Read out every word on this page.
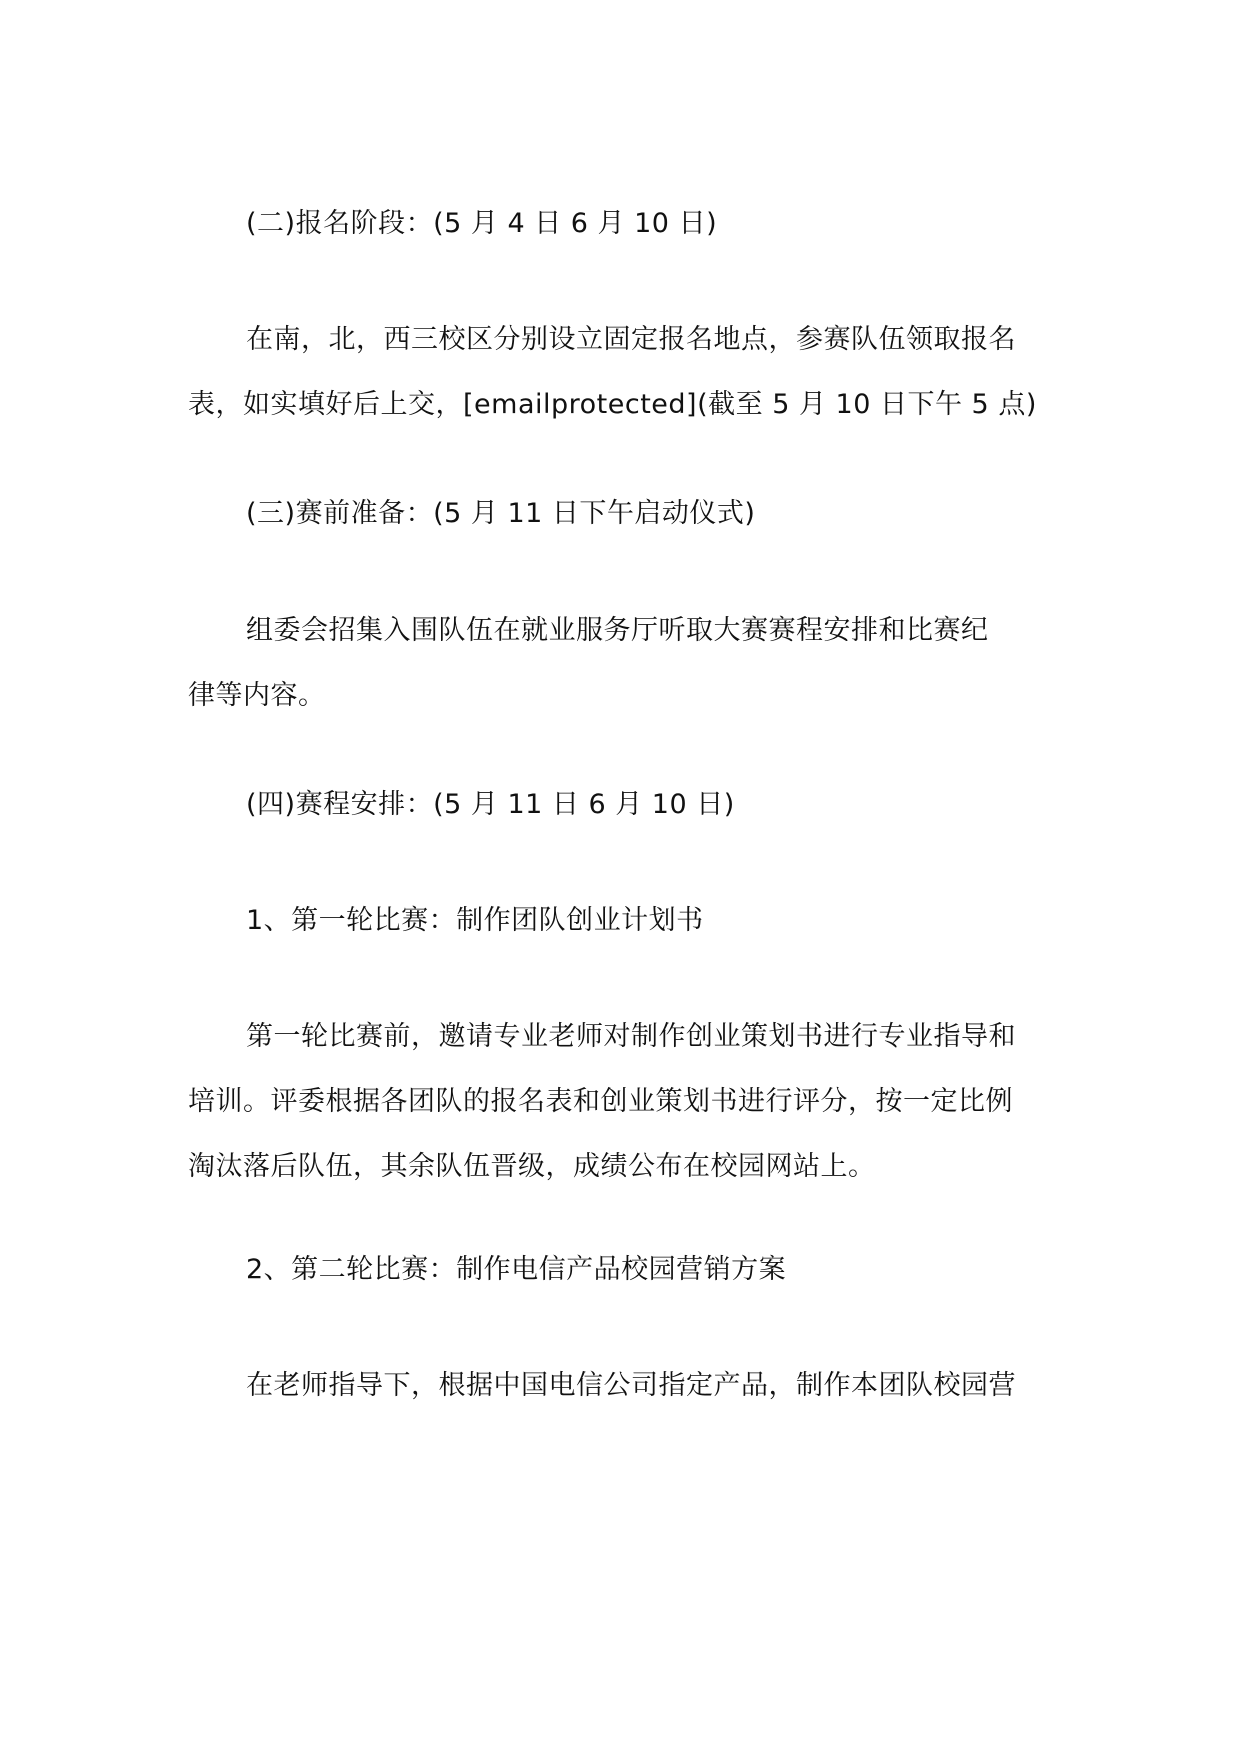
(二)报名阶段：(5 月 4 日 6 月 10 日)
在南，北，西三校区分别设立固定报名地点，参赛队伍领取报名
表，如实填好后上交，[emailprotected](截至 5 月 10 日下午 5 点)
(三)赛前准备：(5 月 11 日下午启动仪式)
组委会招集入围队伍在就业服务厅听取大赛赛程安排和比赛纪
律等内容。
(四)赛程安排：(5 月 11 日 6 月 10 日)
1、第一轮比赛：制作团队创业计划书
第一轮比赛前，邀请专业老师对制作创业策划书进行专业指导和
培训。评委根据各团队的报名表和创业策划书进行评分，按一定比例
淘汰落后队伍，其余队伍晋级，成绩公布在校园网站上。
2、第二轮比赛：制作电信产品校园营销方案
在老师指导下，根据中国电信公司指定产品，制作本团队校园营
